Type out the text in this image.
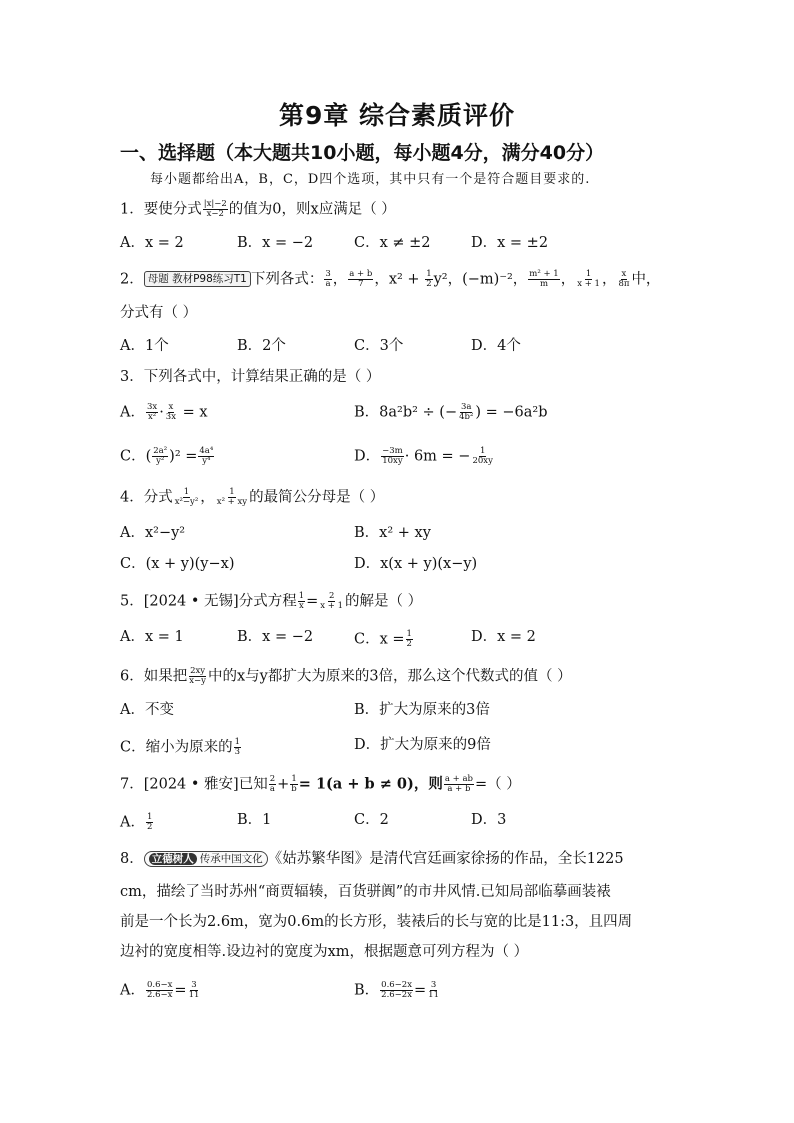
第9章 综合素质评价
一、选择题（本大题共10小题，每小题4分，满分40分）
每小题都给出A，B，C，D四个选项，其中只有一个是符合题目要求的.
1．要使分式 $\frac{|x|-2}{x-2}$ 的值为0，则x应满足（ ）
A．x = 2	B．x = −2	C．x ≠ ±2	D．x = ±2
2． 母题 教材P98练习T1 下列各式： $\frac{3}{a}$ ， $\frac{a + b}{7}$ ，$x^2 + \frac{1}{2} y^2$，(−m)⁻²， $\frac{\text{m² + 1}}{m}$ ， $\frac{1}{x + 1}$ ， $\frac{x}{8\pi}$ 中，
分式有（ ）
A．1个	B．2个	C．3个	D．4个
3．下列各式中，计算结果正确的是（ ）
A． $\frac{3x}{\text{x²}} \cdot \frac{x}{3x} = x$	B．8a²b² ÷ (− $\frac{3a}{\text{4b²}}$ ) = −6a²b
C．( $\frac{\text{2a²}}{\text{y²}} )^2 = \frac{\text{4a⁴}}{\text{y⁴}}$	D． $\frac{-3m}{10xy} \cdot 6m$ = − $\frac{1}{20xy}$
4．分式 $\frac{1}{\text{x²−y²}}$ ， $\frac{1}{\text{x² + xy}}$ 的最简公分母是（ ）
A．x²−y²	B．x² + xy
C．(x + y)(y−x)	D．x(x + y)(x−y)
5．[2024 • 无锡]分式方程 $\frac{1}{x} = \frac{2}{x + 1}$ 的解是（ ）
A．x = 1	B．x = −2	C．$x = \frac{1}{2}$	D．x = 2
6．如果把 $\frac{2xy}{x-y}$ 中的x与y都扩大为原来的3倍，那么这个代数式的值（ ）
A．不变	B．扩大为原来的3倍
C．缩小为原来的 $\frac{1}{3}$	D．扩大为原来的9倍
7．[2024 • 雅安]已知 $\frac{2}{a} + \frac{1}{b} = 1(a + b \ne 0)$，则 $\frac{a + ab}{a + b}$ =（ ）
A． $\frac{1}{2}$	B．1	C．2	D．3
8． 立德树人 传承中国文化 《姑苏繁华图》是清代宫廷画家徐扬的作品，全长1225
cm，描绘了当时苏州“商贾辐辏，百货骈阗”的市井风情.已知局部临摹画装裱
前是一个长为2.6m，宽为0.6m的长方形，装裱后的长与宽的比是11:3，且四周
边衬的宽度相等.设边衬的宽度为xm，根据题意可列方程为（ ）
A． $\frac{0.6-x}{2.6-x} = \frac{3}{11}$	B． $\frac{0.6-2x}{2.6-2x} = \frac{3}{11}$
